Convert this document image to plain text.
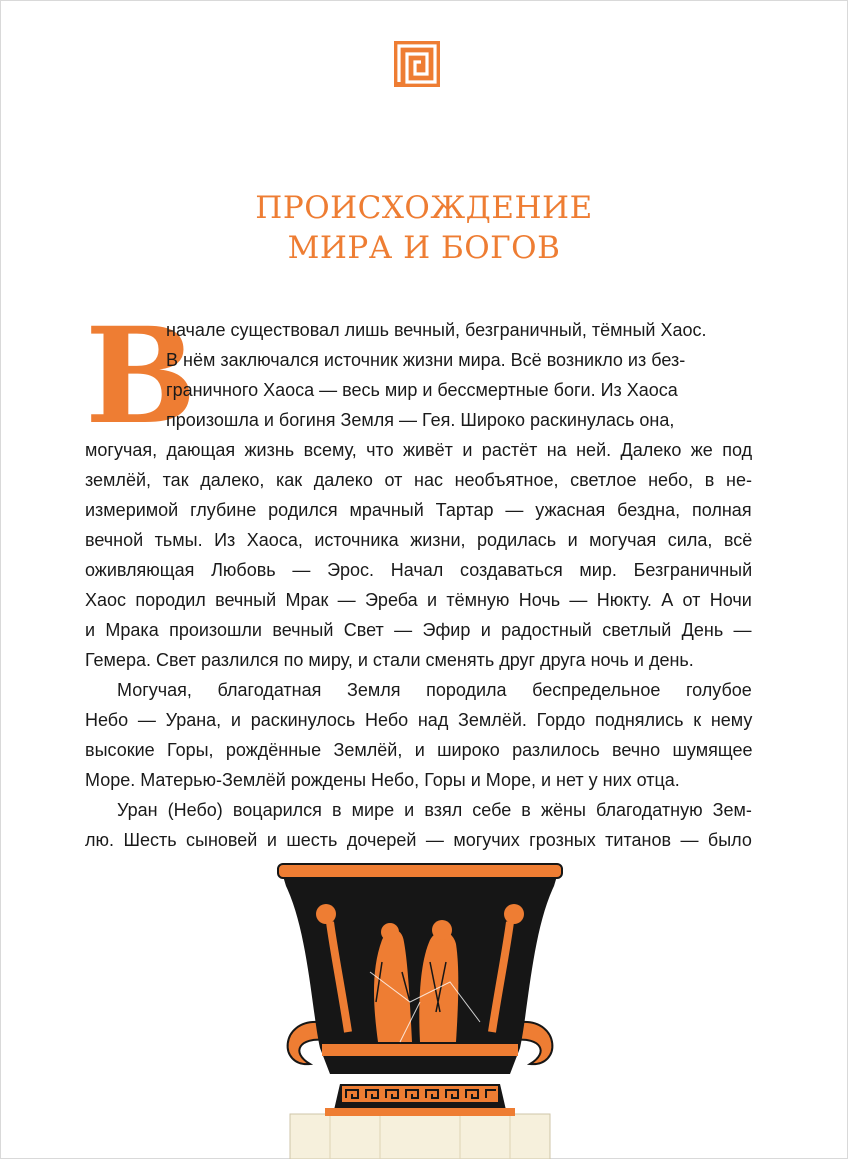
ПРОИСХОЖДЕНИЕ
МИРА И БОГОВ
В
начале существовал лишь вечный, безграничный, тёмный Хаос.
В нём заключался источник жизни мира. Всё возникло из без-
граничного Хаоса — весь мир и бессмертные боги. Из Хаоса
произошла и богиня Земля — Гея. Широко раскинулась она,
могучая, дающая жизнь всему, что живёт и растёт на ней. Далеко же под
землёй, так далеко, как далеко от нас необъятное, светлое небо, в не-
измеримой глубине родился мрачный Тартар — ужасная бездна, полная
вечной тьмы. Из Хаоса, источника жизни, родилась и могучая сила, всё
оживляющая Любовь — Эрос. Начал создаваться мир. Безграничный
Хаос породил вечный Мрак — Эреба и тёмную Ночь — Нюкту. А от Ночи
и Мрака произошли вечный Свет — Эфир и радостный светлый День —
Гемера. Свет разлился по миру, и стали сменять друг друга ночь и день.
Могучая, благодатная Земля породила беспредельное голубое
Небо — Урана, и раскинулось Небо над Землёй. Гордо поднялись к нему
высокие Горы, рождённые Землёй, и широко разлилось вечно шумящее
Море. Матерью-Землёй рождены Небо, Горы и Море, и нет у них отца.
Уран (Небо) воцарился в мире и взял себе в жёны благодатную Зем-
лю. Шесть сыновей и шесть дочерей — могучих грозных титанов — было
